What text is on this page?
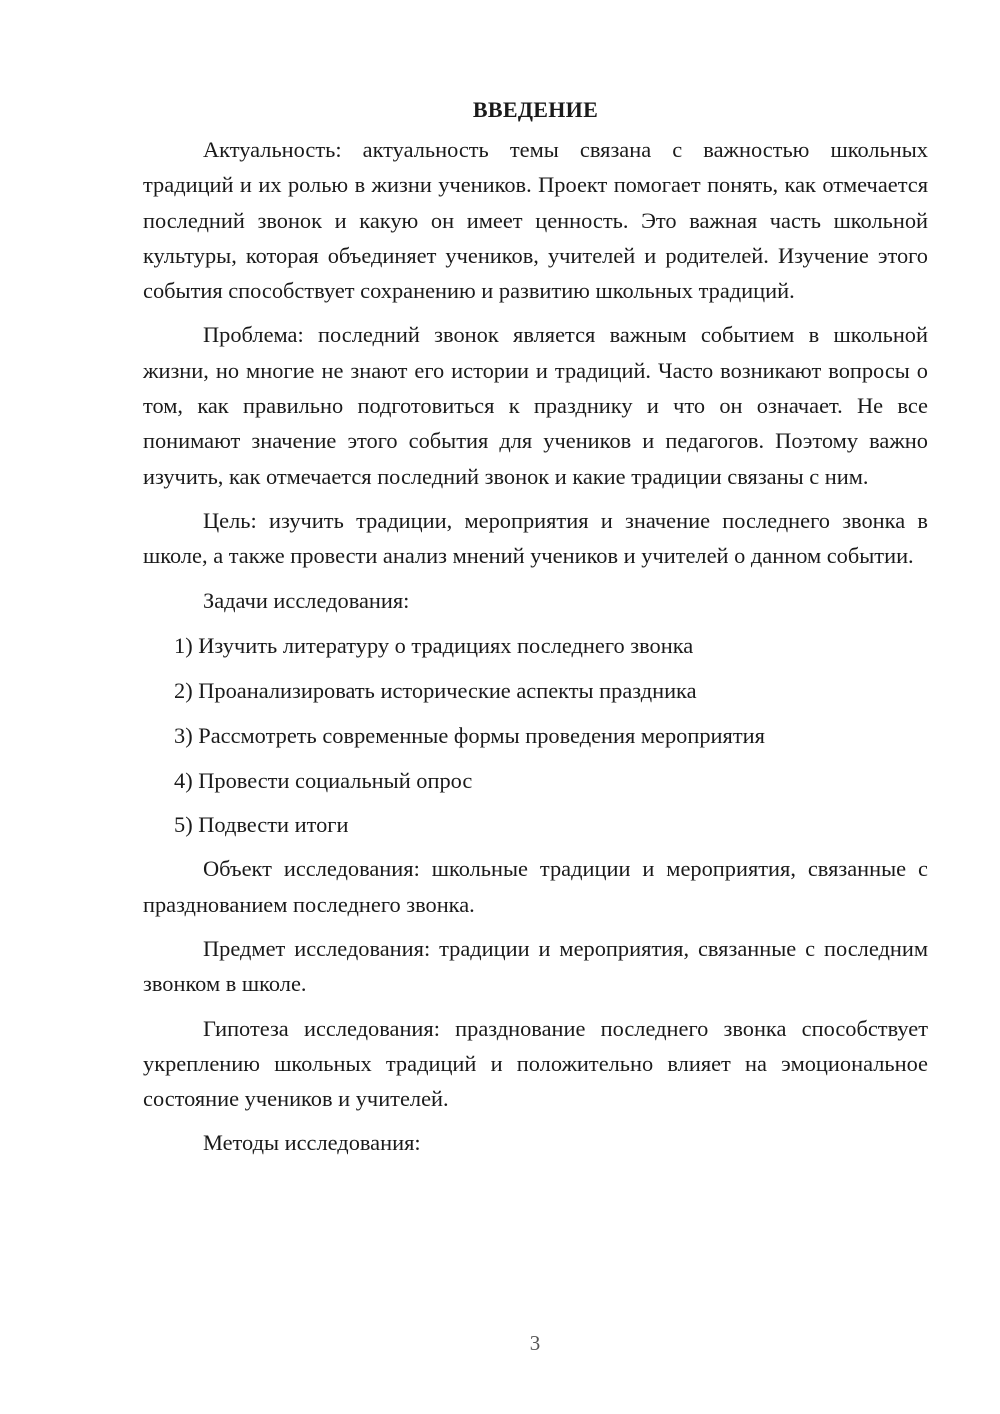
ВВЕДЕНИЕ

Актуальность: актуальность темы связана с важностью школьных традиций и их ролью в жизни учеников. Проект помогает понять, как отмечается последний звонок и какую он имеет ценность. Это важная часть школьной культуры, которая объединяет учеников, учителей и родителей. Изучение этого события способствует сохранению и развитию школьных традиций.

Проблема: последний звонок является важным событием в школьной жизни, но многие не знают его истории и традиций. Часто возникают вопросы о том, как правильно подготовиться к празднику и что он означает. Не все понимают значение этого события для учеников и педагогов. Поэтому важно изучить, как отмечается последний звонок и какие традиции связаны с ним.

Цель: изучить традиции, мероприятия и значение последнего звонка в школе, а также провести анализ мнений учеников и учителей о данном событии.

Задачи исследования:

1) Изучить литературу о традициях последнего звонка
2) Проанализировать исторические аспекты праздника
3) Рассмотреть современные формы проведения мероприятия
4) Провести социальный опрос
5) Подвести итоги

Объект исследования: школьные традиции и мероприятия, связанные с празднованием последнего звонка.

Предмет исследования: традиции и мероприятия, связанные с последним звонком в школе.

Гипотеза исследования: празднование последнего звонка способствует укреплению школьных традиций и положительно влияет на эмоциональное состояние учеников и учителей.

Методы исследования:

3
